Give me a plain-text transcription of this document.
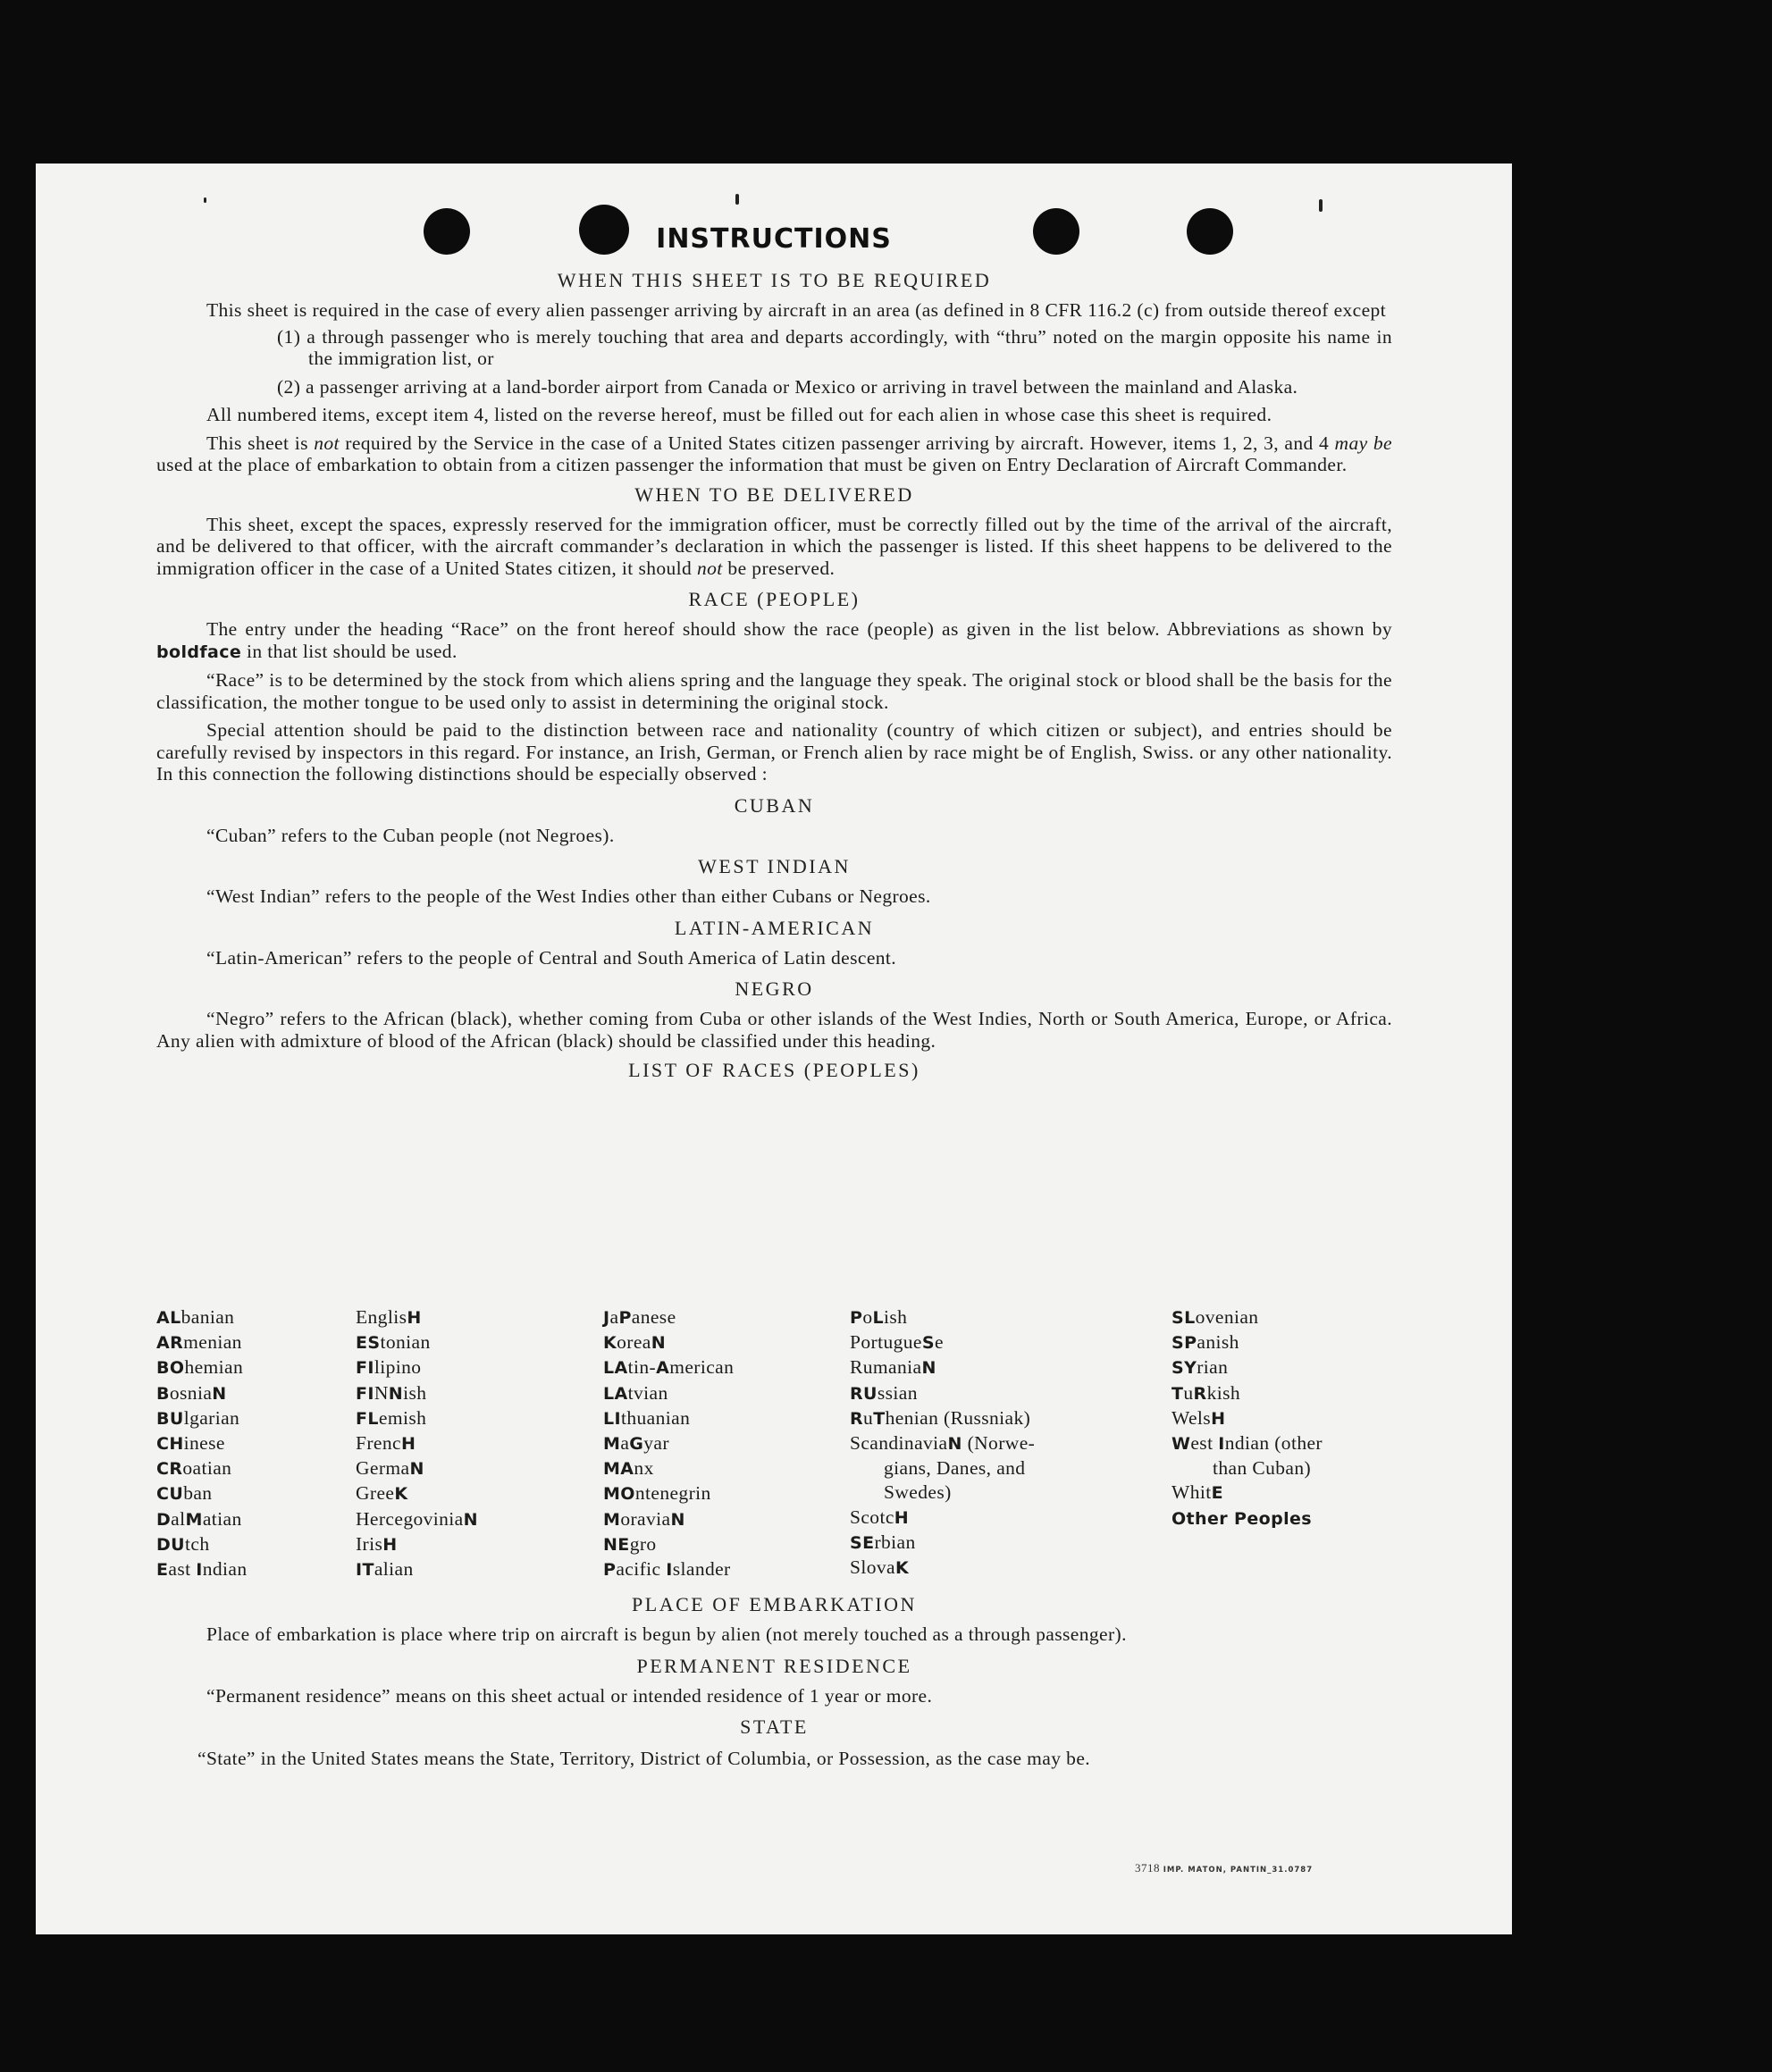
INSTRUCTIONS

WHEN THIS SHEET IS TO BE REQUIRED

This sheet is required in the case of every alien passenger arriving by aircraft in an area (as defined in 8 CFR 116.2 (c) from outside thereof except

(1) a through passenger who is merely touching that area and departs accordingly, with “thru” noted on the margin opposite his name in the immigration list, or

(2) a passenger arriving at a land-border airport from Canada or Mexico or arriving in travel between the mainland and Alaska.

All numbered items, except item 4, listed on the reverse hereof, must be filled out for each alien in whose case this sheet is required.

This sheet is not required by the Service in the case of a United States citizen passenger arriving by aircraft. However, items 1, 2, 3, and 4 may be used at the place of embarkation to obtain from a citizen passenger the information that must be given on Entry Declaration of Aircraft Commander.

WHEN TO BE DELIVERED

This sheet, except the spaces, expressly reserved for the immigration officer, must be correctly filled out by the time of the arrival of the aircraft, and be delivered to that officer, with the aircraft commander’s declaration in which the passenger is listed. If this sheet happens to be delivered to the immigration officer in the case of a United States citizen, it should not be preserved.

RACE (PEOPLE)

The entry under the heading “Race” on the front hereof should show the race (people) as given in the list below. Abbreviations as shown by boldface in that list should be used.

“Race” is to be determined by the stock from which aliens spring and the language they speak. The original stock or blood shall be the basis for the classification, the mother tongue to be used only to assist in determining the original stock.

Special attention should be paid to the distinction between race and nationality (country of which citizen or subject), and entries should be carefully revised by inspectors in this regard. For instance, an Irish, German, or French alien by race might be of English, Swiss. or any other nationality. In this connection the following distinctions should be especially observed :

CUBAN

“Cuban” refers to the Cuban people (not Negroes).

WEST INDIAN

“West Indian” refers to the people of the West Indies other than either Cubans or Negroes.

LATIN-AMERICAN

“Latin-American” refers to the people of Central and South America of Latin descent.

NEGRO

“Negro” refers to the African (black), whether coming from Cuba or other islands of the West Indies, North or South America, Europe, or Africa. Any alien with admixture of blood of the African (black) should be classified under this heading.

LIST OF RACES (PEOPLES)

ALbanian
ARmenian
BOhemian
BosniaN
BUlgarian
CHinese
CRoatian
CUban
DalMatian
DUtch
East Indian
EnglisH
EStonian
FIlipino
FINNish
FLemish
FrencH
GermaN
GreeK
HercegoviniaN
IrisH
ITalian
JaPanese
KoreaN
LAtin-American
LAtvian
LIthuanian
MaGyar
MAnx
MOntenegrin
MoraviaN
NEgro
Pacific Islander
PoLish
PortugueSe
RumaniaN
RUssian
RuThenian (Russniak)
ScandinaviaN (Norwe-
gians, Danes, and
Swedes)
ScotcH
SErbian
SlovaK
SLovenian
SPanish
SYrian
TuRkish
WelsH
West Indian (other
than Cuban)
WhitE
Other Peoples

PLACE OF EMBARKATION

Place of embarkation is place where trip on aircraft is begun by alien (not merely touched as a through passenger).

PERMANENT RESIDENCE

“Permanent residence” means on this sheet actual or intended residence of 1 year or more.

STATE

“State” in the United States means the State, Territory, District of Columbia, or Possession, as the case may be.

3718 IMP. MATON, PANTIN_31.0787
